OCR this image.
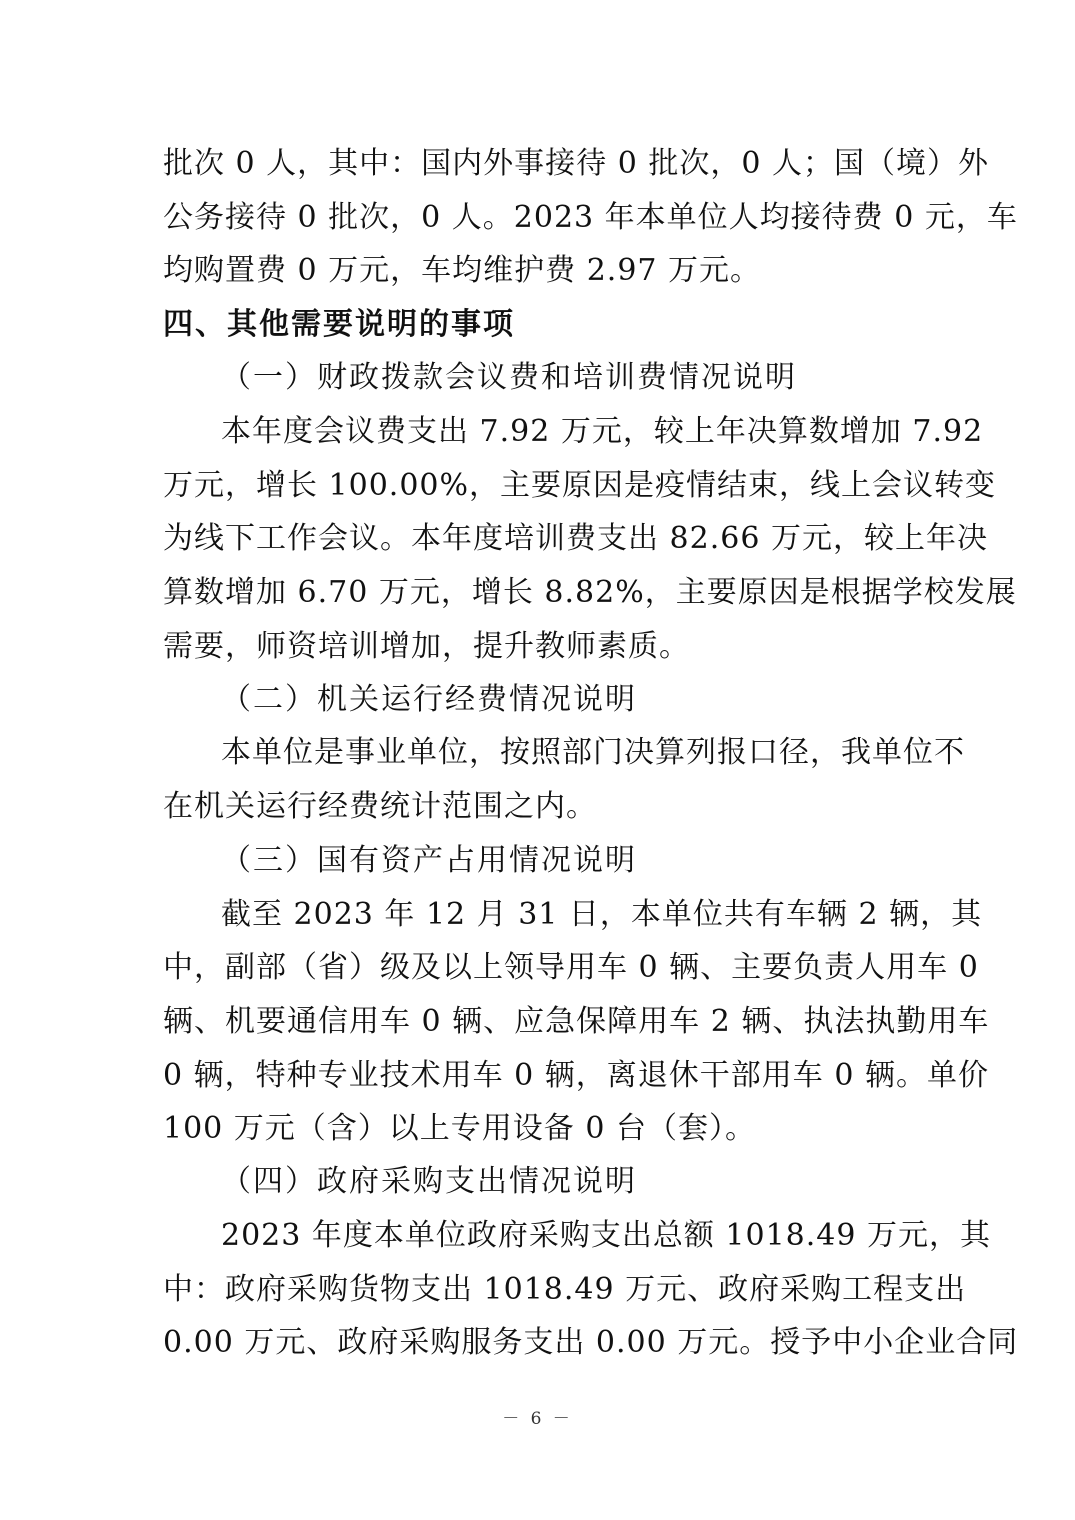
批次 0 人，其中：国内外事接待 0 批次，0 人；国（境）外
公务接待 0 批次，0 人。2023 年本单位人均接待费 0 元，车
均购置费 0 万元，车均维护费 2.97 万元。
四、其他需要说明的事项
（一）财政拨款会议费和培训费情况说明
本年度会议费支出 7.92 万元，较上年决算数增加 7.92
万元，增长 100.00%，主要原因是疫情结束，线上会议转变
为线下工作会议。本年度培训费支出 82.66 万元，较上年决
算数增加 6.70 万元，增长 8.82%，主要原因是根据学校发展
需要，师资培训增加，提升教师素质。
（二）机关运行经费情况说明
本单位是事业单位，按照部门决算列报口径，我单位不
在机关运行经费统计范围之内。
（三）国有资产占用情况说明
截至 2023 年 12 月 31 日，本单位共有车辆 2 辆，其
中，副部（省）级及以上领导用车 0 辆、主要负责人用车 0
辆、机要通信用车 0 辆、应急保障用车 2 辆、执法执勤用车
0 辆，特种专业技术用车 0 辆，离退休干部用车 0 辆。单价
100 万元（含）以上专用设备 0 台（套）。
（四）政府采购支出情况说明
2023 年度本单位政府采购支出总额 1018.49 万元，其
中：政府采购货物支出 1018.49 万元、政府采购工程支出
0.00 万元、政府采购服务支出 0.00 万元。授予中小企业合同
－ 6 －
